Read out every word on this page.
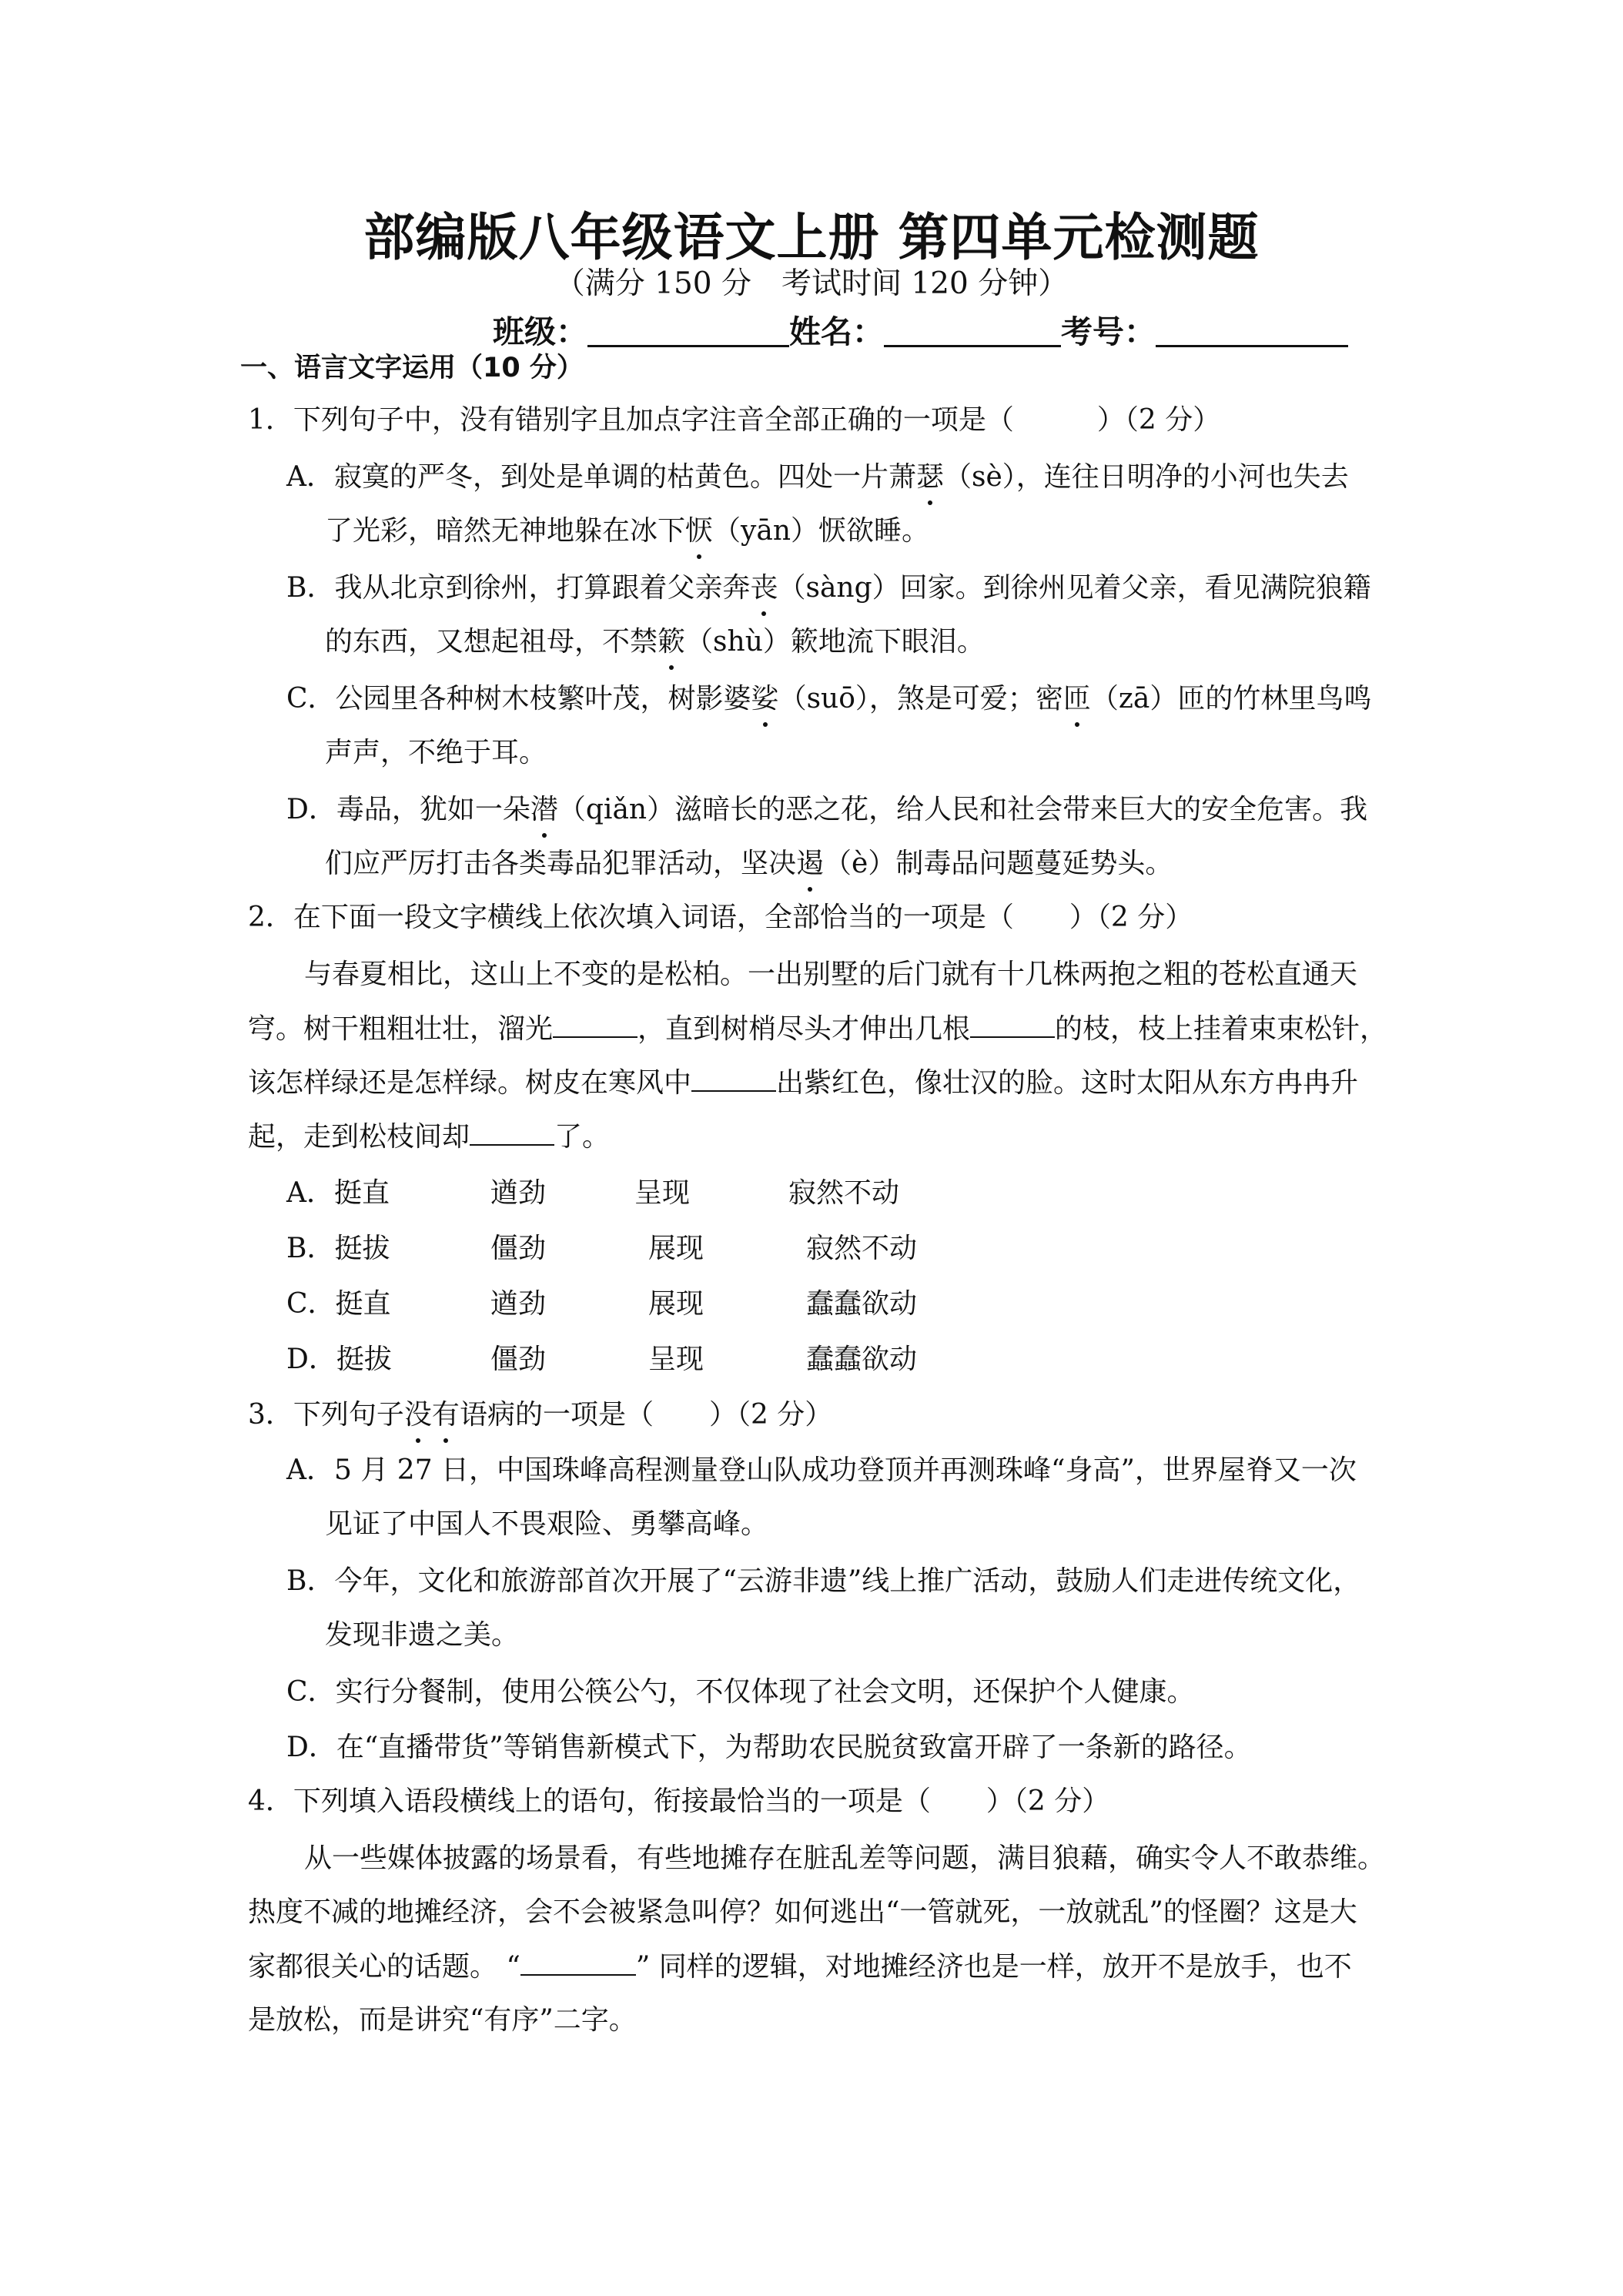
部编版八年级语文上册 第四单元检测题
（满分 150 分　考试时间 120 分钟）
班级：	姓名：	考号：
一、语言文字运用（10 分）
1．下列句子中，没有错别字且加点字注音全部正确的一项是（　　　）（2 分）
A．寂寞的严冬，到处是单调的枯黄色。四处一片萧瑟（sè），连往日明净的小河也失去
了光彩，暗然无神地躲在冰下恹（yān）恹欲睡。
B．我从北京到徐州，打算跟着父亲奔丧（sàng）回家。到徐州见着父亲，看见满院狼籍
的东西，又想起祖母，不禁簌（shù）簌地流下眼泪。
C．公园里各种树木枝繁叶茂，树影婆娑（suō），煞是可爱；密匝（zā）匝的竹林里鸟鸣
声声，不绝于耳。
D．毒品，犹如一朵潜（qiǎn）滋暗长的恶之花，给人民和社会带来巨大的安全危害。我
们应严厉打击各类毒品犯罪活动，坚决遏（è）制毒品问题蔓延势头。
2．在下面一段文字横线上依次填入词语，全部恰当的一项是（　　）（2 分）
与春夏相比，这山上不变的是松柏。一出别墅的后门就有十几株两抱之粗的苍松直通天
穹。树干粗粗壮壮，溜光	，直到树梢尽头才伸出几根	的枝，枝上挂着束束松针，
该怎样绿还是怎样绿。树皮在寒风中	出紫红色，像壮汉的脸。这时太阳从东方冉冉升
起，走到松枝间却	了。
A．挺直	遒劲	呈现	寂然不动
B．挺拔	僵劲	展现	寂然不动
C．挺直	遒劲	展现	蠢蠢欲动
D．挺拔	僵劲	呈现	蠢蠢欲动
3．下列句子没有语病的一项是（　　）（2 分）
A．5 月 27 日，中国珠峰高程测量登山队成功登顶并再测珠峰“身高”，世界屋脊又一次
见证了中国人不畏艰险、勇攀高峰。
B．今年，文化和旅游部首次开展了“云游非遗”线上推广活动，鼓励人们走进传统文化，
发现非遗之美。
C．实行分餐制，使用公筷公勺，不仅体现了社会文明，还保护个人健康。
D．在“直播带货”等销售新模式下，为帮助农民脱贫致富开辟了一条新的路径。
4．下列填入语段横线上的语句，衔接最恰当的一项是（　　）（2 分）
从一些媒体披露的场景看，有些地摊存在脏乱差等问题，满目狼藉，确实令人不敢恭维。
热度不减的地摊经济，会不会被紧急叫停？如何逃出“一管就死，一放就乱”的怪圈？这是大
家都很关心的话题。 “	” 同样的逻辑，对地摊经济也是一样，放开不是放手，也不
是放松，而是讲究“有序”二字。
